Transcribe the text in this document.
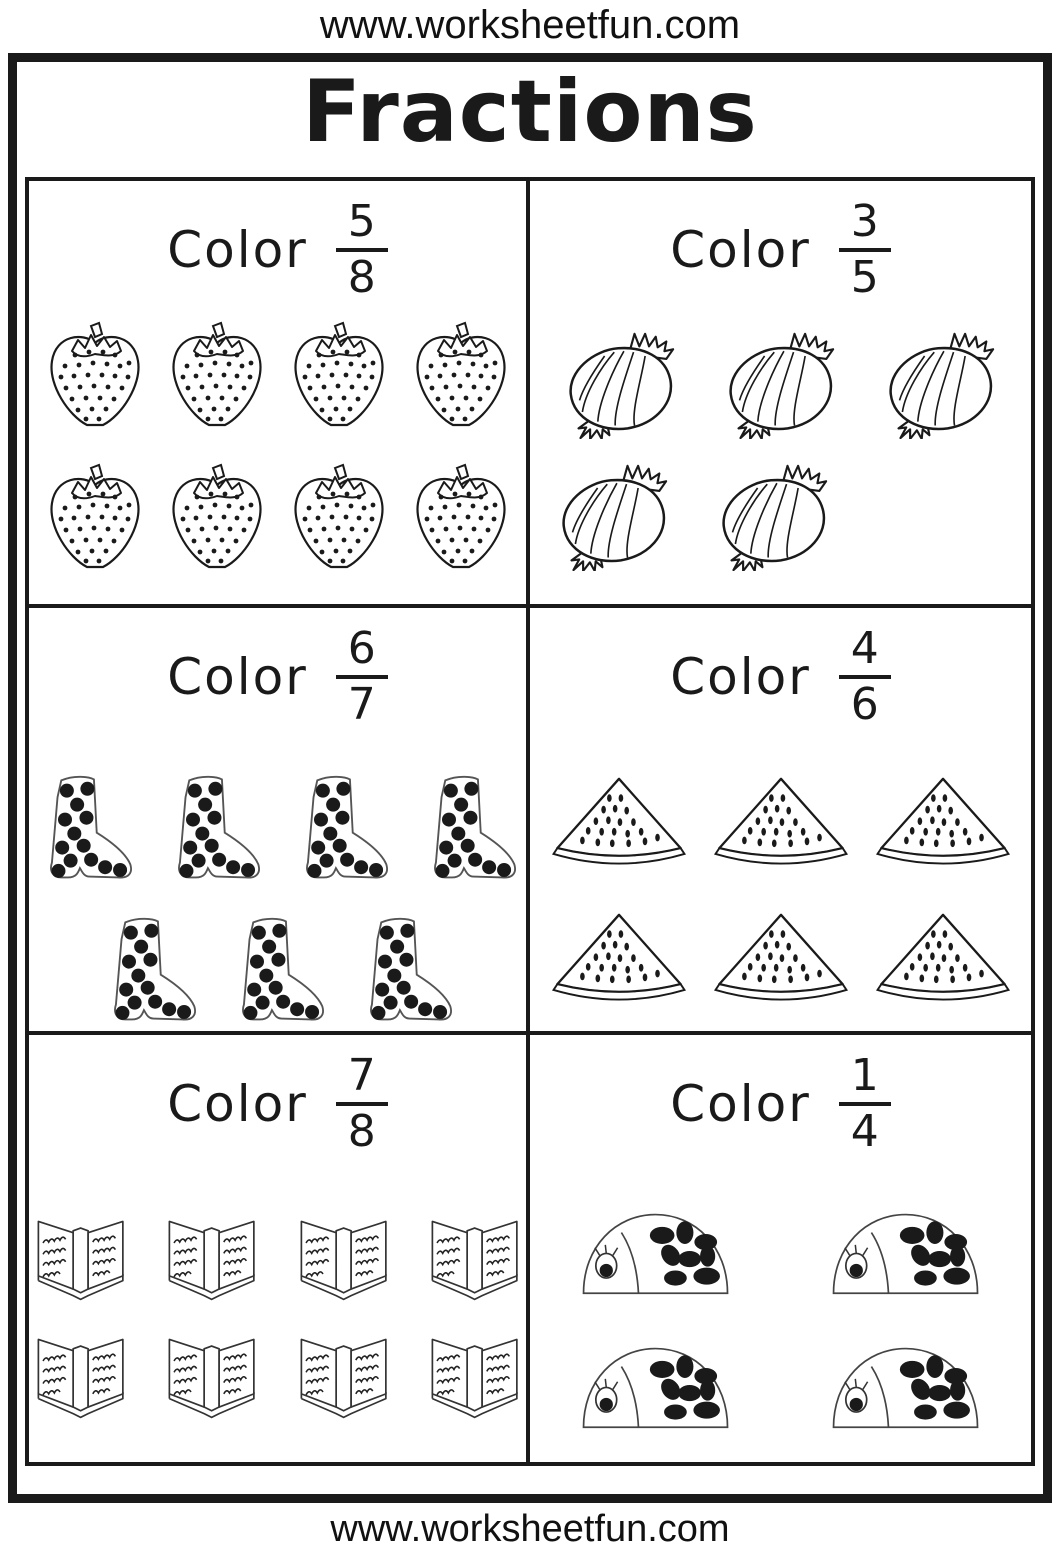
www.worksheetfun.com
Fractions
Color $\frac{5}{8}$	Color $\frac{3}{5}$
Color $\frac{6}{7}$	Color $\frac{4}{6}$
Color $\frac{7}{8}$	Color $\frac{1}{4}$
www.worksheetfun.com
